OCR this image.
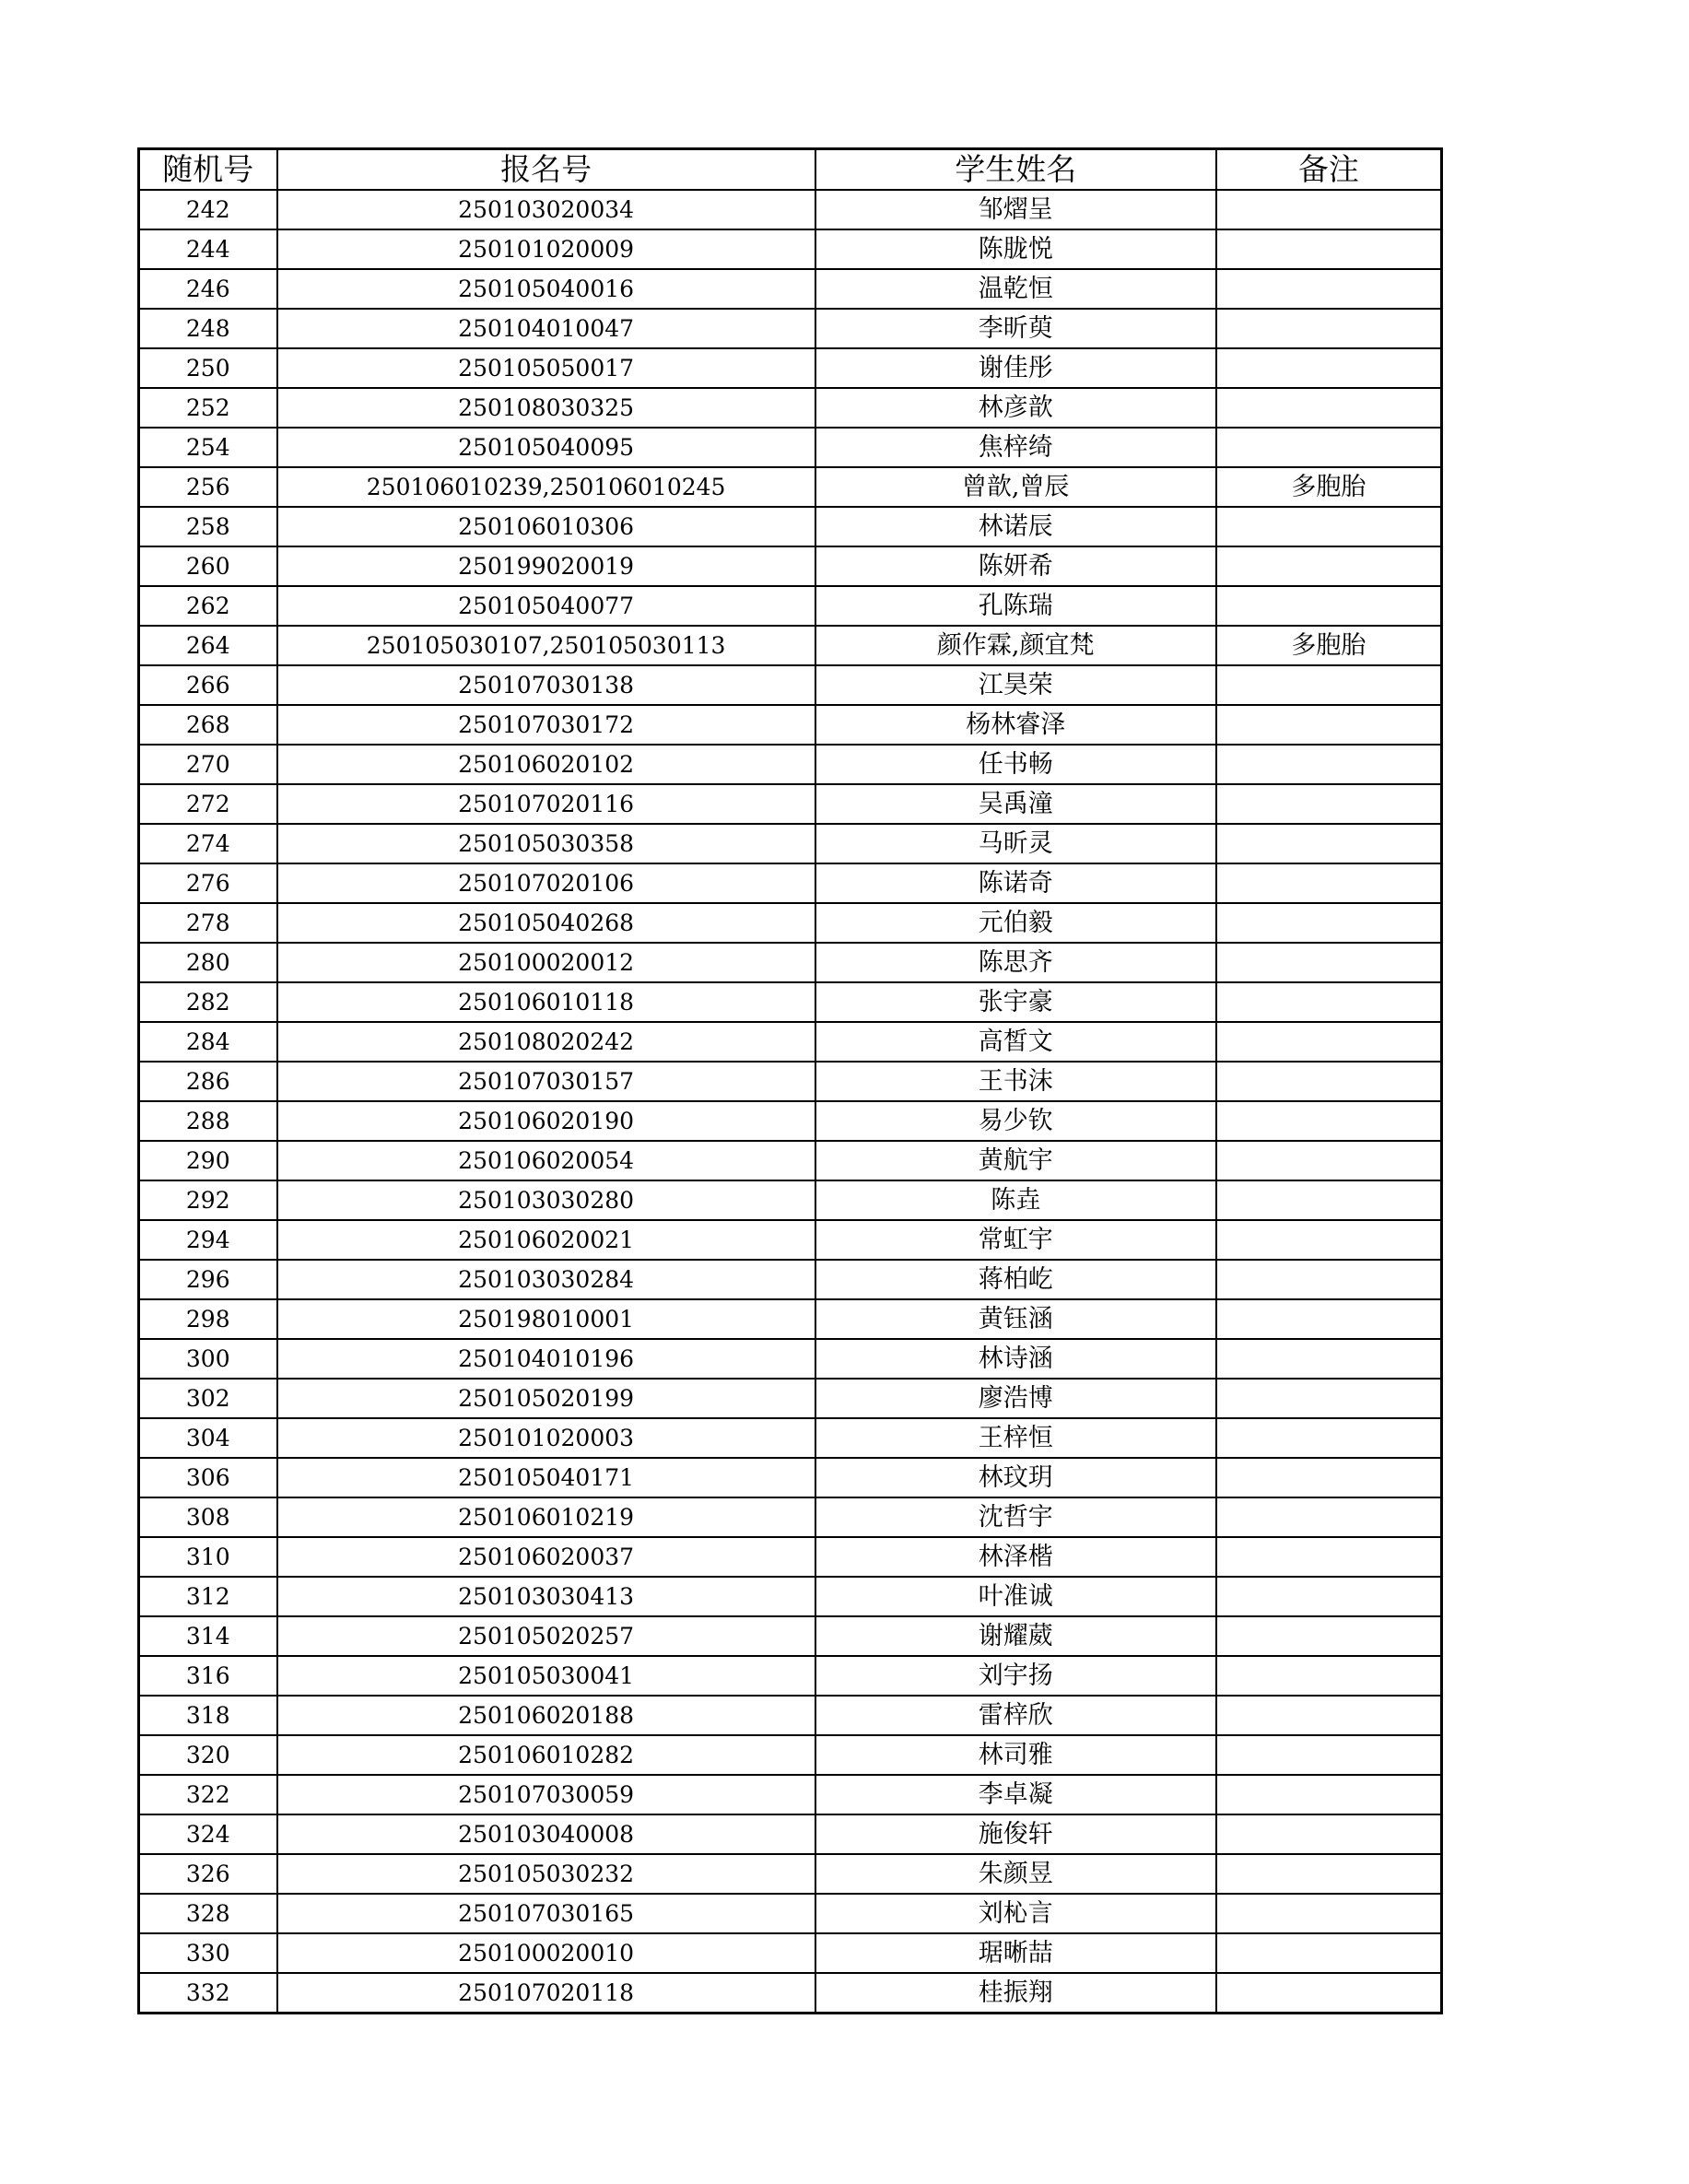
随机号	报名号	学生姓名	备注
242	250103020034	邹熠呈	
244	250101020009	陈胧悦	
246	250105040016	温乾恒	
248	250104010047	李昕萸	
250	250105050017	谢佳彤	
252	250108030325	林彦歆	
254	250105040095	焦梓绮	
256	250106010239,250106010245	曾歆,曾辰	多胞胎
258	250106010306	林诺辰	
260	250199020019	陈妍希	
262	250105040077	孔陈瑞	
264	250105030107,250105030113	颜作霖,颜宜梵	多胞胎
266	250107030138	江昊荣	
268	250107030172	杨林睿泽	
270	250106020102	任书畅	
272	250107020116	吴禹潼	
274	250105030358	马昕灵	
276	250107020106	陈诺奇	
278	250105040268	元伯毅	
280	250100020012	陈思齐	
282	250106010118	张宇豪	
284	250108020242	高皙文	
286	250107030157	王书沫	
288	250106020190	易少钦	
290	250106020054	黄航宇	
292	250103030280	陈垚	
294	250106020021	常虹宇	
296	250103030284	蒋柏屹	
298	250198010001	黄钰涵	
300	250104010196	林诗涵	
302	250105020199	廖浩博	
304	250101020003	王梓恒	
306	250105040171	林玟玥	
308	250106010219	沈哲宇	
310	250106020037	林泽楷	
312	250103030413	叶准诚	
314	250105020257	谢耀葳	
316	250105030041	刘宇扬	
318	250106020188	雷梓欣	
320	250106010282	林司雅	
322	250107030059	李卓凝	
324	250103040008	施俊轩	
326	250105030232	朱颜昱	
328	250107030165	刘杺言	
330	250100020010	琚晰喆	
332	250107020118	桂振翔	
